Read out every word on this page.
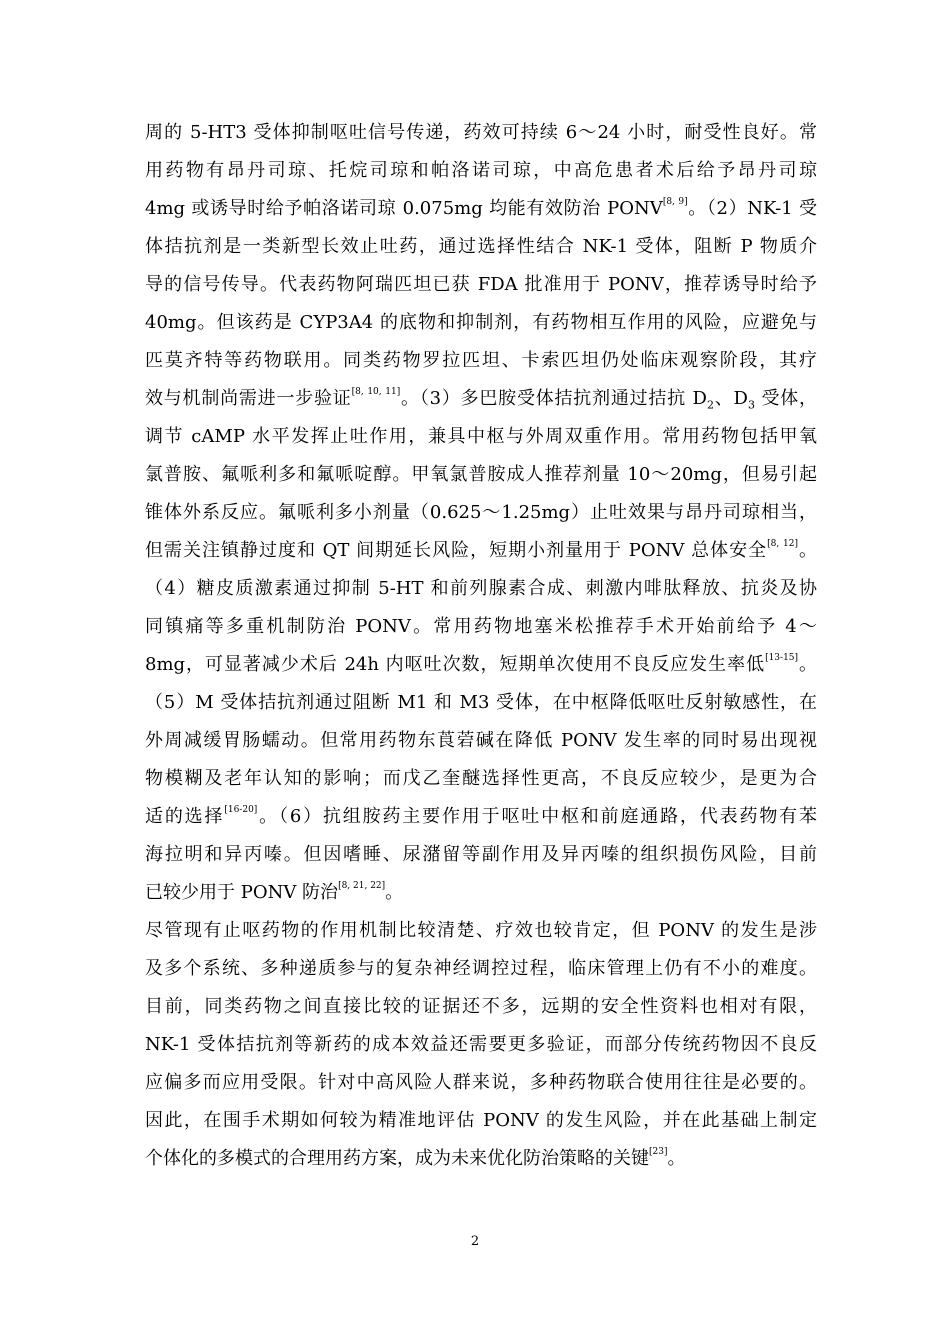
周的 5-HT3 受体抑制呕吐信号传递，药效可持续 6～24 小时，耐受性良好。常
用药物有昂丹司琼、托烷司琼和帕洛诺司琼，中高危患者术后给予昂丹司琼
4mg 或诱导时给予帕洛诺司琼 0.075mg 均能有效防治 PONV[8, 9]。（2）NK-1 受
体拮抗剂是一类新型长效止吐药，通过选择性结合 NK-1 受体，阻断 P 物质介
导的信号传导。代表药物阿瑞匹坦已获 FDA 批准用于 PONV，推荐诱导时给予
40mg。但该药是 CYP3A4 的底物和抑制剂，有药物相互作用的风险，应避免与
匹莫齐特等药物联用。同类药物罗拉匹坦、卡索匹坦仍处临床观察阶段，其疗
效与机制尚需进一步验证[8, 10, 11]。（3）多巴胺受体拮抗剂通过拮抗 $D_2$、$D_3$ 受体，
调节 cAMP 水平发挥止吐作用，兼具中枢与外周双重作用。常用药物包括甲氧
氯普胺、氟哌利多和氟哌啶醇。甲氧氯普胺成人推荐剂量 10～20mg，但易引起
锥体外系反应。氟哌利多小剂量（0.625～1.25mg）止吐效果与昂丹司琼相当，
但需关注镇静过度和 QT 间期延长风险，短期小剂量用于 PONV 总体安全[8, 12]。
（4）糖皮质激素通过抑制 5-HT 和前列腺素合成、刺激内啡肽释放、抗炎及协
同镇痛等多重机制防治 PONV。常用药物地塞米松推荐手术开始前给予 4～
8mg，可显著减少术后 24h 内呕吐次数，短期单次使用不良反应发生率低[13-15]。
（5）M 受体拮抗剂通过阻断 M1 和 M3 受体，在中枢降低呕吐反射敏感性，在
外周减缓胃肠蠕动。但常用药物东莨菪碱在降低 PONV 发生率的同时易出现视
物模糊及老年认知的影响；而戊乙奎醚选择性更高，不良反应较少，是更为合
适的选择[16-20]。（6）抗组胺药主要作用于呕吐中枢和前庭通路，代表药物有苯
海拉明和异丙嗪。但因嗜睡、尿潴留等副作用及异丙嗪的组织损伤风险，目前
已较少用于 PONV 防治[8, 21, 22]。
尽管现有止呕药物的作用机制比较清楚、疗效也较肯定，但 PONV 的发生是涉
及多个系统、多种递质参与的复杂神经调控过程，临床管理上仍有不小的难度。
目前，同类药物之间直接比较的证据还不多，远期的安全性资料也相对有限，
NK-1 受体拮抗剂等新药的成本效益还需要更多验证，而部分传统药物因不良反
应偏多而应用受限。针对中高风险人群来说，多种药物联合使用往往是必要的。
因此，在围手术期如何较为精准地评估 PONV 的发生风险，并在此基础上制定
个体化的多模式的合理用药方案，成为未来优化防治策略的关键[23]。
2
